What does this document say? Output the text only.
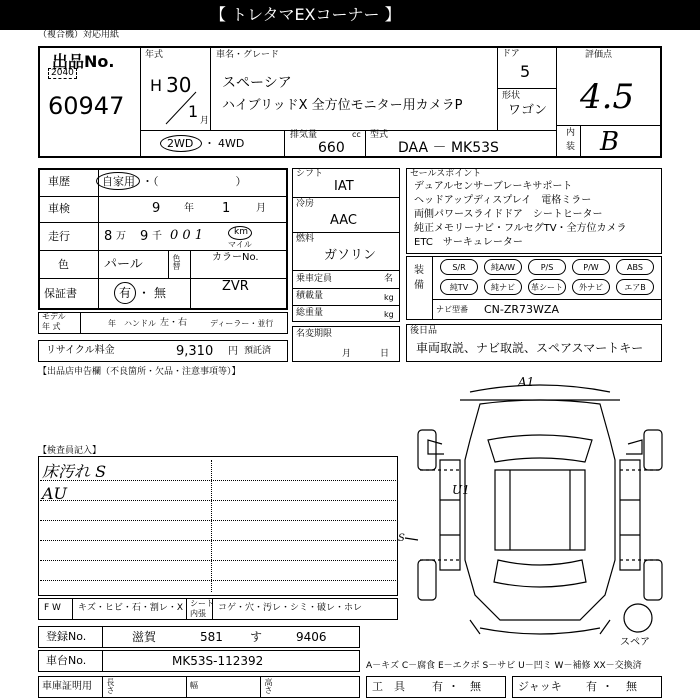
【 トレタマEXコーナー 】
（複合機）対応用紙
出品No.
2040
60947
年式
H 30
1 月
車名・グレード
スペーシア
ハイブリッドX 全方位モニター用カメラP
ドア
5
形状
ワゴン
評価点
4.5
内
装 B
2WD ・ 4WD
排気量	cc
660
型式
DAA － MK53S
車歴	自家用 ・（　　　　　　　）
車検	9 年 1	月
走行	8 万 9 千 0 0 1	km
マイル
色	パール	色替	カラーNo.
ZVR
保証書	有 ・ 無
モデル
年 式	年 ハンドル 左・右	ディーラー・並行
リサイクル料金	9,310 円 預託済
シフト
IAT
冷房
AAC
燃料
ガソリン
乗車定員	名
積載量	kg
総重量	kg
名変期限
月	日
セールスポイント
デュアルセンサーブレーキサポート
ヘッドアップディスプレイ　電格ミラー
両側パワースライドドア　シートヒーター
純正メモリーナビ・フルセグTV・全方位カメラ
ETC　サーキュレーター
装
備
S/R	純A/W	P/S	P/W	ABS
純TV	純ナビ	革シート	外ナビ	エアB
ナビ型番 CN-ZR73WZA
後日品
車両取説、ナビ取説、スペアスマートキー
【出品店申告欄（不良箇所・欠品・注意事項等）】
【検査員記入】
床汚れ S
AU
A1
U1
S
スペア
F W キズ・ヒビ・石・割レ・X シート
内張
コゲ・穴・汚レ・シミ・破レ・ホレ
登録No.	滋賀	581 す	9406
車台No.	MK53S-112392	A－キズ C－腐食 E－エクボ S－サビ U－凹ミ W－補修 XX－交換済
車庫証明用 長さ	幅	高さ	工　具 有 ・ 無	ジャッキ 有 ・ 無
